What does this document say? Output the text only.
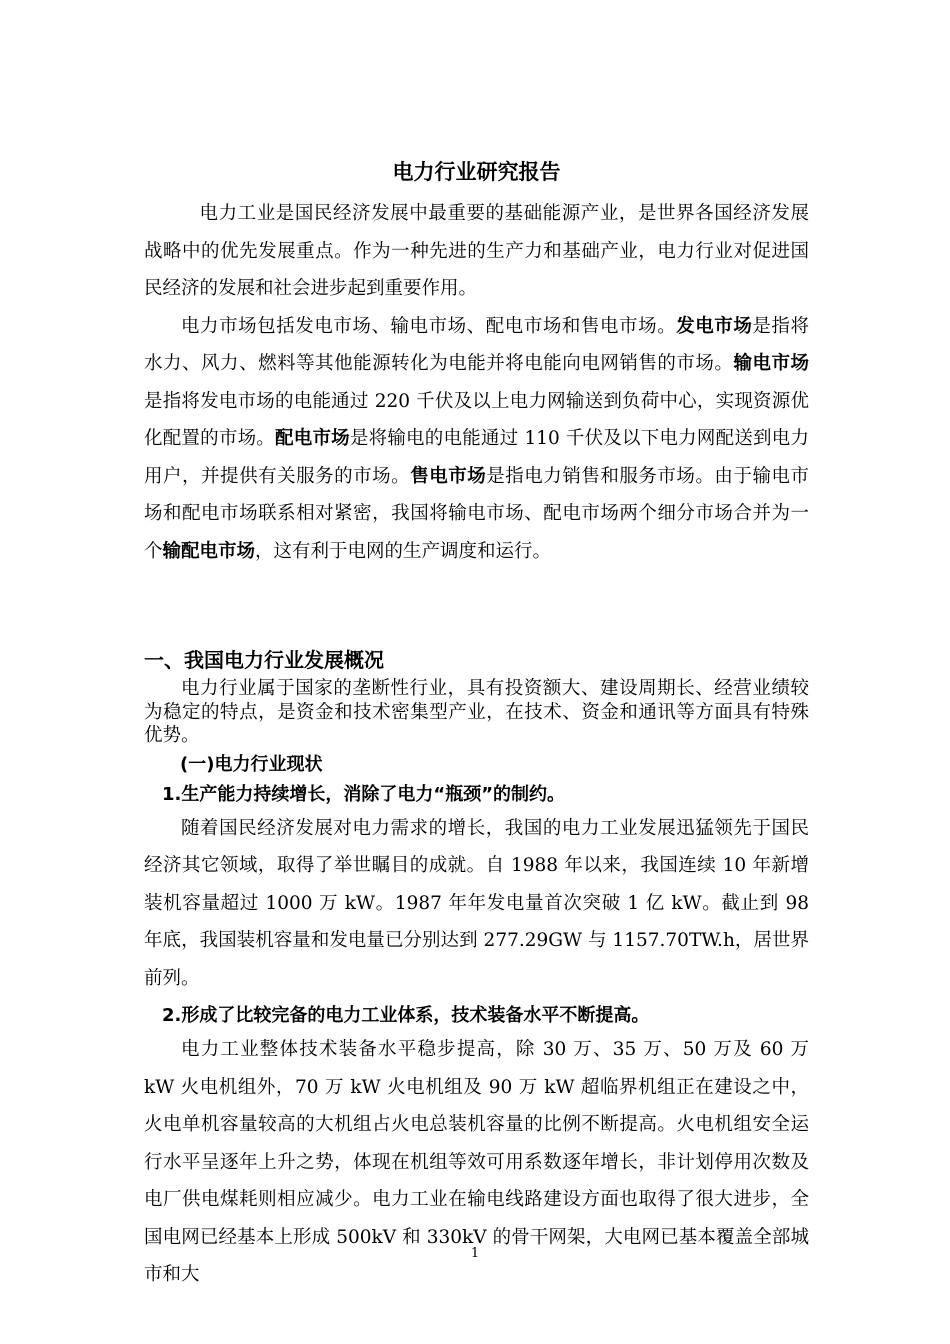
电力行业研究报告

电力工业是国民经济发展中最重要的基础能源产业，是世界各国经济发展战略中的优先发展重点。作为一种先进的生产力和基础产业，电力行业对促进国民经济的发展和社会进步起到重要作用。

电力市场包括发电市场、输电市场、配电市场和售电市场。发电市场是指将水力、风力、燃料等其他能源转化为电能并将电能向电网销售的市场。输电市场是指将发电市场的电能通过 220 千伏及以上电力网输送到负荷中心，实现资源优化配置的市场。配电市场是将输电的电能通过 110 千伏及以下电力网配送到电力用户，并提供有关服务的市场。售电市场是指电力销售和服务市场。由于输电市场和配电市场联系相对紧密，我国将输电市场、配电市场两个细分市场合并为一个输配电市场，这有利于电网的生产调度和运行。

一、我国电力行业发展概况

电力行业属于国家的垄断性行业，具有投资额大、建设周期长、经营业绩较为稳定的特点，是资金和技术密集型产业，在技术、资金和通讯等方面具有特殊优势。

(一)电力行业现状
1.生产能力持续增长，消除了电力“瓶颈”的制约。

随着国民经济发展对电力需求的增长，我国的电力工业发展迅猛领先于国民经济其它领域，取得了举世瞩目的成就。自 1988 年以来，我国连续 10 年新增装机容量超过 1000 万 kW。1987 年年发电量首次突破 1 亿 kW。截止到 98 年底，我国装机容量和发电量已分别达到 277.29GW 与 1157.70TW.h，居世界前列。

2.形成了比较完备的电力工业体系，技术装备水平不断提高。

电力工业整体技术装备水平稳步提高，除 30 万、35 万、50 万及 60 万 kW 火电机组外，70 万 kW 火电机组及 90 万 kW 超临界机组正在建设之中，火电单机容量较高的大机组占火电总装机容量的比例不断提高。火电机组安全运行水平呈逐年上升之势，体现在机组等效可用系数逐年增长，非计划停用次数及电厂供电煤耗则相应减少。电力工业在输电线路建设方面也取得了很大进步，全国电网已经基本上形成 500kV 和 330kV 的骨干网架，大电网已基本覆盖全部城市和大

1
